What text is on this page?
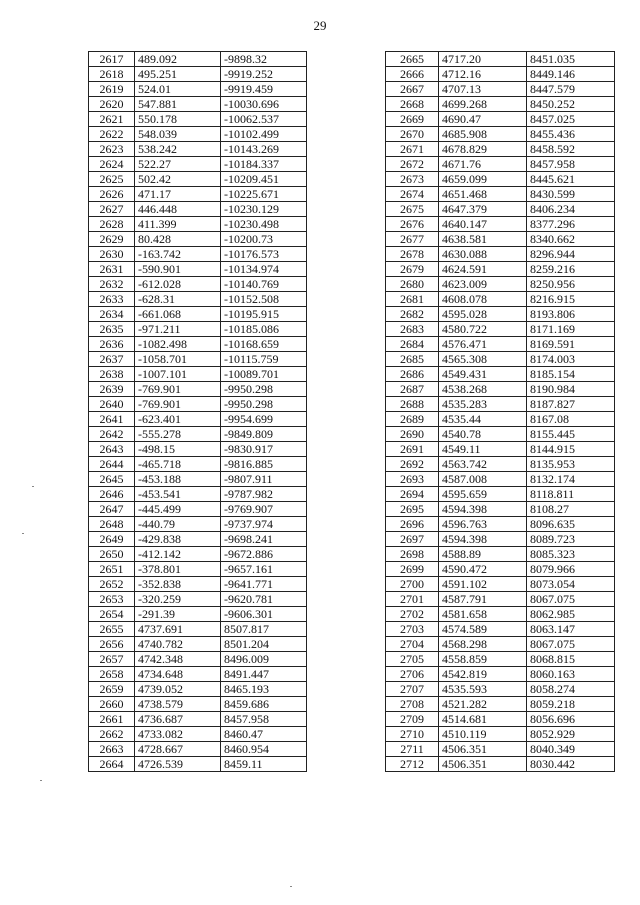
29
2617	489.092	-9898.32
2618	495.251	-9919.252
2619	524.01	-9919.459
2620	547.881	-10030.696
2621	550.178	-10062.537
2622	548.039	-10102.499
2623	538.242	-10143.269
2624	522.27	-10184.337
2625	502.42	-10209.451
2626	471.17	-10225.671
2627	446.448	-10230.129
2628	411.399	-10230.498
2629	80.428	-10200.73
2630	-163.742	-10176.573
2631	-590.901	-10134.974
2632	-612.028	-10140.769
2633	-628.31	-10152.508
2634	-661.068	-10195.915
2635	-971.211	-10185.086
2636	-1082.498	-10168.659
2637	-1058.701	-10115.759
2638	-1007.101	-10089.701
2639	-769.901	-9950.298
2640	-769.901	-9950.298
2641	-623.401	-9954.699
2642	-555.278	-9849.809
2643	-498.15	-9830.917
2644	-465.718	-9816.885
2645	-453.188	-9807.911
2646	-453.541	-9787.982
2647	-445.499	-9769.907
2648	-440.79	-9737.974
2649	-429.838	-9698.241
2650	-412.142	-9672.886
2651	-378.801	-9657.161
2652	-352.838	-9641.771
2653	-320.259	-9620.781
2654	-291.39	-9606.301
2655	4737.691	8507.817
2656	4740.782	8501.204
2657	4742.348	8496.009
2658	4734.648	8491.447
2659	4739.052	8465.193
2660	4738.579	8459.686
2661	4736.687	8457.958
2662	4733.082	8460.47
2663	4728.667	8460.954
2664	4726.539	8459.11
2665	4717.20	8451.035
2666	4712.16	8449.146
2667	4707.13	8447.579
2668	4699.268	8450.252
2669	4690.47	8457.025
2670	4685.908	8455.436
2671	4678.829	8458.592
2672	4671.76	8457.958
2673	4659.099	8445.621
2674	4651.468	8430.599
2675	4647.379	8406.234
2676	4640.147	8377.296
2677	4638.581	8340.662
2678	4630.088	8296.944
2679	4624.591	8259.216
2680	4623.009	8250.956
2681	4608.078	8216.915
2682	4595.028	8193.806
2683	4580.722	8171.169
2684	4576.471	8169.591
2685	4565.308	8174.003
2686	4549.431	8185.154
2687	4538.268	8190.984
2688	4535.283	8187.827
2689	4535.44	8167.08
2690	4540.78	8155.445
2691	4549.11	8144.915
2692	4563.742	8135.953
2693	4587.008	8132.174
2694	4595.659	8118.811
2695	4594.398	8108.27
2696	4596.763	8096.635
2697	4594.398	8089.723
2698	4588.89	8085.323
2699	4590.472	8079.966
2700	4591.102	8073.054
2701	4587.791	8067.075
2702	4581.658	8062.985
2703	4574.589	8063.147
2704	4568.298	8067.075
2705	4558.859	8068.815
2706	4542.819	8060.163
2707	4535.593	8058.274
2708	4521.282	8059.218
2709	4514.681	8056.696
2710	4510.119	8052.929
2711	4506.351	8040.349
2712	4506.351	8030.442
